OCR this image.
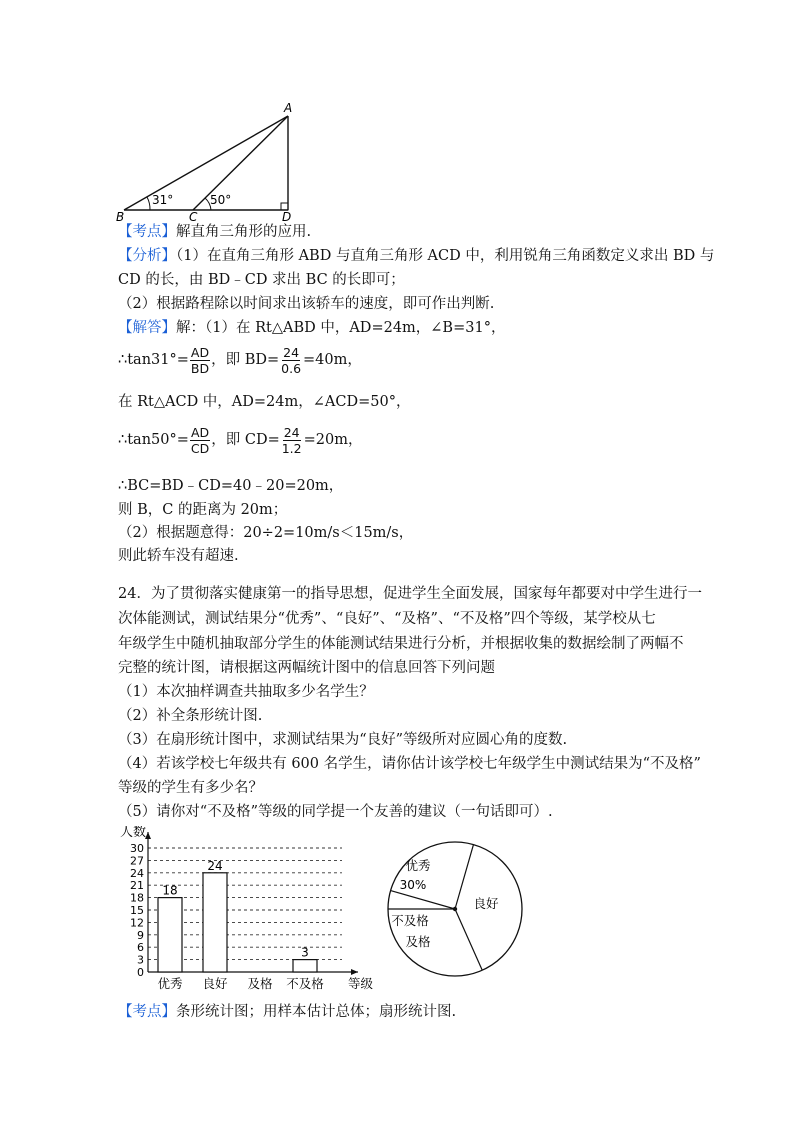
A
B	C	D
31°	50°
【考点】解直角三角形的应用.
【分析】（1）在直角三角形 ABD 与直角三角形 ACD 中，利用锐角三角函数定义求出 BD 与
CD 的长，由 BD﹣CD 求出 BC 的长即可；
（2）根据路程除以时间求出该轿车的速度，即可作出判断.
【解答】解：（1）在 Rt△ABD 中，AD=24m，∠B=31°，
∴tan31°= $\frac{AD}{BD}$ ，即 $BD= \frac{24}{0.6} =40m$，
在 Rt△ACD 中，AD=24m，∠ACD=50°，
∴tan50°= $\frac{AD}{CD}$ ，即 $CD= \frac{24}{1.2} =20m$，
∴BC=BD﹣CD=40﹣20=20m，
则 B，C 的距离为 20m；
（2）根据题意得：20÷2=10m/s＜15m/s，
则此轿车没有超速.
24．为了贯彻落实健康第一的指导思想，促进学生全面发展，国家每年都要对中学生进行一
次体能测试，测试结果分“优秀”、“良好”、“及格”、“不及格”四个等级，某学校从七
年级学生中随机抽取部分学生的体能测试结果进行分析，并根据收集的数据绘制了两幅不
完整的统计图，请根据这两幅统计图中的信息回答下列问题
（1）本次抽样调查共抽取多少名学生？
（2）补全条形统计图.
（3）在扇形统计图中，求测试结果为“良好”等级所对应圆心角的度数.
（4）若该学校七年级共有 600 名学生，请你估计该学校七年级学生中测试结果为“不及格”
等级的学生有多少名？
（5）请你对“不及格”等级的同学提一个友善的建议（一句话即可）.
0
3
6
9
12
15
18
21
24
27
30
人数
等级
18
优秀
24
良好 及格
3
不及格
优秀
良好
不及格
及格
30%
【考点】条形统计图；用样本估计总体；扇形统计图.
